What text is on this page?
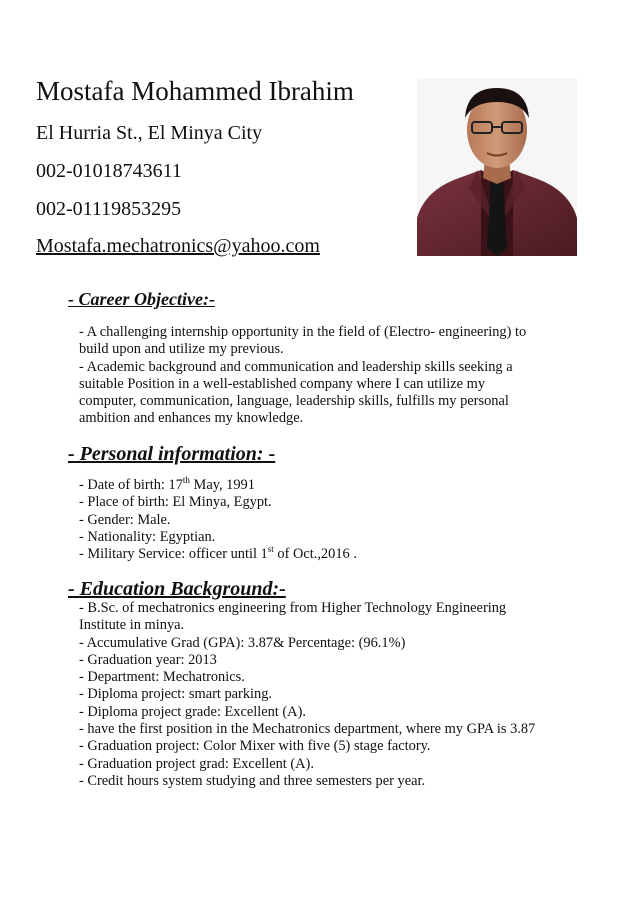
Mostafa Mohammed Ibrahim
El Hurria St., El Minya City
002-01018743611
002-01119853295
Mostafa.mechatronics@yahoo.com
- Career Objective:-
- A challenging internship opportunity in the field of (Electro- engineering) to
build upon and utilize my previous.
- Academic background and communication and leadership skills seeking a
suitable Position in a well-established company where I can utilize my
computer, communication, language, leadership skills, fulfills my personal
ambition and enhances my knowledge.
- Personal information: -
- Date of birth: 17th May, 1991
- Place of birth: El Minya, Egypt.
- Gender: Male.
- Nationality: Egyptian.
- Military Service: officer until 1st of Oct.,2016 .
- Education Background:-
- B.Sc. of mechatronics engineering from Higher Technology Engineering
Institute in minya.
- Accumulative Grad (GPA): 3.87& Percentage: (96.1%)
- Graduation year: 2013
- Department: Mechatronics.
- Diploma project: smart parking.
- Diploma project grade: Excellent (A).
- have the first position in the Mechatronics department, where my GPA is 3.87
- Graduation project: Color Mixer with five (5) stage factory.
- Graduation project grad: Excellent (A).
- Credit hours system studying and three semesters per year.
